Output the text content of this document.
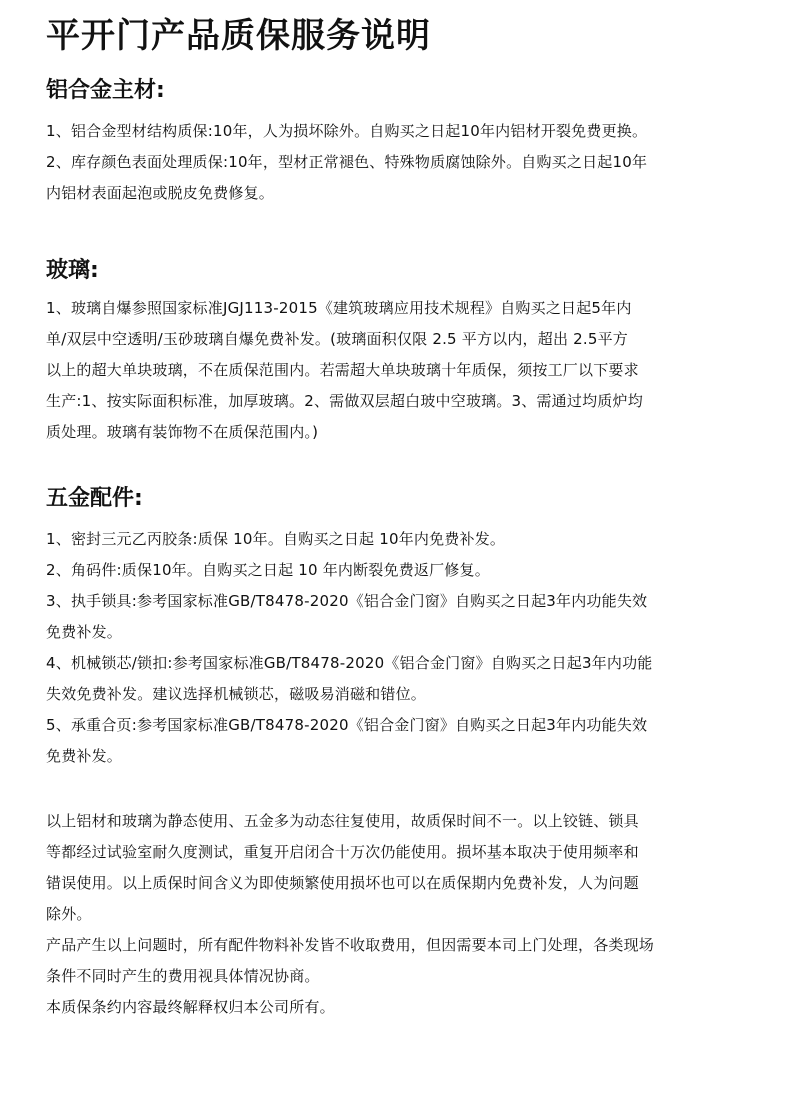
平开门产品质保服务说明
铝合金主材:
1、铝合金型材结构质保:10年，人为损坏除外。自购买之日起10年内铝材开裂免费更换。
2、库存颜色表面处理质保:10年，型材正常褪色、特殊物质腐蚀除外。自购买之日起10年
内铝材表面起泡或脱皮免费修复。
玻璃:
1、玻璃自爆参照国家标准JGJ113-2015《建筑玻璃应用技术规程》自购买之日起5年内
单/双层中空透明/玉砂玻璃自爆免费补发。(玻璃面积仅限 2.5 平方以内，超出 2.5平方
以上的超大单块玻璃，不在质保范围内。若需超大单块玻璃十年质保，须按工厂以下要求
生产:1、按实际面积标准，加厚玻璃。2、需做双层超白玻中空玻璃。3、需通过均质炉均
质处理。玻璃有装饰物不在质保范围内。)
五金配件:
1、密封三元乙丙胶条:质保 10年。自购买之日起 10年内免费补发。
2、角码件:质保10年。自购买之日起 10 年内断裂免费返厂修复。
3、执手锁具:参考国家标准GB/T8478-2020《铝合金门窗》自购买之日起3年内功能失效
免费补发。
4、机械锁芯/锁扣:参考国家标准GB/T8478-2020《铝合金门窗》自购买之日起3年内功能
失效免费补发。建议选择机械锁芯，磁吸易消磁和错位。
5、承重合页:参考国家标准GB/T8478-2020《铝合金门窗》自购买之日起3年内功能失效
免费补发。
以上铝材和玻璃为静态使用、五金多为动态往复使用，故质保时间不一。以上铰链、锁具
等都经过试验室耐久度测试，重复开启闭合十万次仍能使用。损坏基本取决于使用频率和
错误使用。以上质保时间含义为即使频繁使用损坏也可以在质保期内免费补发，人为问题
除外。
产品产生以上问题时，所有配件物料补发皆不收取费用，但因需要本司上门处理，各类现场
条件不同时产生的费用视具体情况协商。
本质保条约内容最终解释权归本公司所有。
